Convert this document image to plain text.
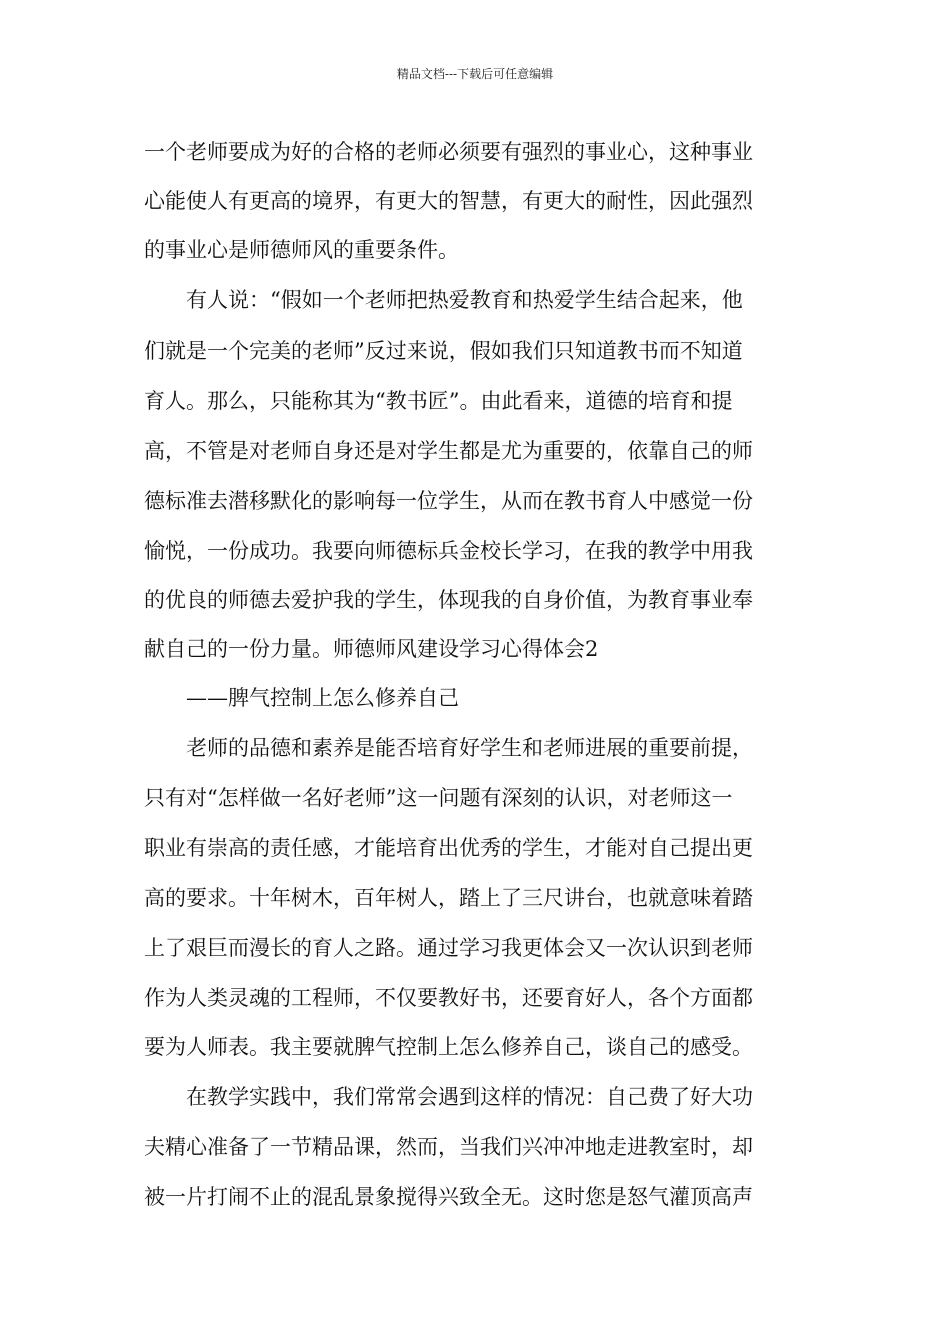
精品文档---下载后可任意编辑
一个老师要成为好的合格的老师必须要有强烈的事业心，这种事业
心能使人有更高的境界，有更大的智慧，有更大的耐性，因此强烈
的事业心是师德师风的重要条件。
有人说：“假如一个老师把热爱教育和热爱学生结合起来，他
们就是一个完美的老师”反过来说，假如我们只知道教书而不知道
育人。那么，只能称其为“教书匠”。由此看来，道德的培育和提
高，不管是对老师自身还是对学生都是尤为重要的，依靠自己的师
德标准去潜移默化的影响每一位学生，从而在教书育人中感觉一份
愉悦，一份成功。我要向师德标兵金校长学习，在我的教学中用我
的优良的师德去爱护我的学生，体现我的自身价值，为教育事业奉
献自己的一份力量。师德师风建设学习心得体会2
——脾气控制上怎么修养自己
老师的品德和素养是能否培育好学生和老师进展的重要前提，
只有对“怎样做一名好老师”这一问题有深刻的认识，对老师这一
职业有崇高的责任感，才能培育出优秀的学生，才能对自己提出更
高的要求。十年树木，百年树人，踏上了三尺讲台，也就意味着踏
上了艰巨而漫长的育人之路。通过学习我更体会又一次认识到老师
作为人类灵魂的工程师，不仅要教好书，还要育好人，各个方面都
要为人师表。我主要就脾气控制上怎么修养自己，谈自己的感受。
在教学实践中，我们常常会遇到这样的情况：自己费了好大功
夫精心准备了一节精品课，然而，当我们兴冲冲地走进教室时，却
被一片打闹不止的混乱景象搅得兴致全无。这时您是怒气灌顶高声
